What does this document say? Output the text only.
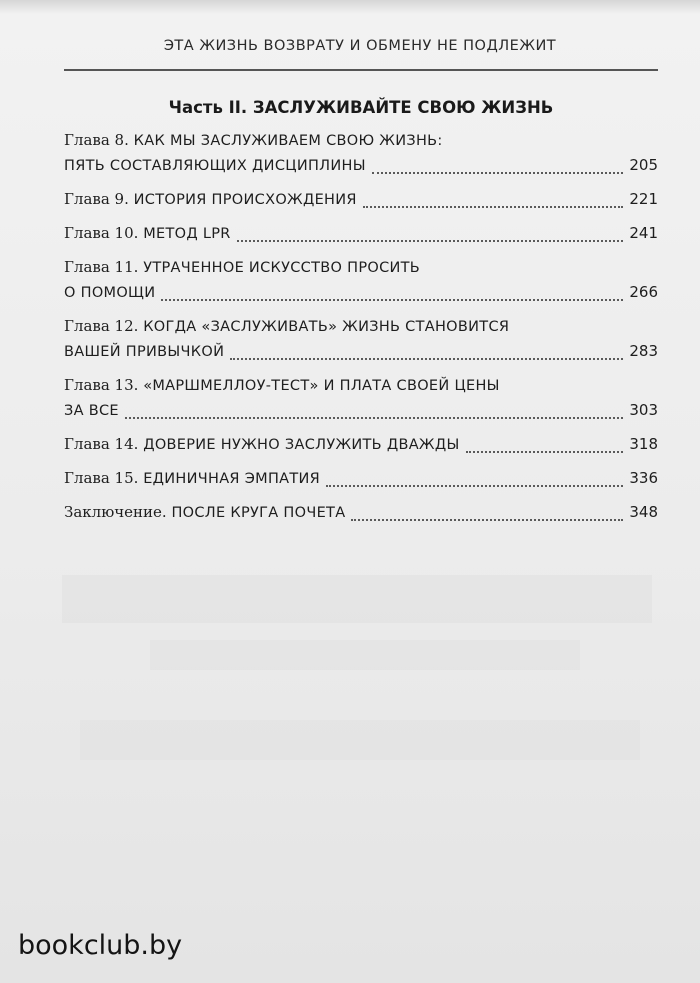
ЭТА ЖИЗНЬ ВОЗВРАТУ И ОБМЕНУ НЕ ПОДЛЕЖИТ
Часть II. ЗАСЛУЖИВАЙТЕ СВОЮ ЖИЗНЬ
Глава 8. КАК МЫ ЗАСЛУЖИВАЕМ СВОЮ ЖИЗНЬ:
ПЯТЬ СОСТАВЛЯЮЩИХ ДИСЦИПЛИНЫ	205
Глава 9. ИСТОРИЯ ПРОИСХОЖДЕНИЯ	221
Глава 10. МЕТОД LPR	241
Глава 11. УТРАЧЕННОЕ ИСКУССТВО ПРОСИТЬ
О ПОМОЩИ	266
Глава 12. КОГДА «ЗАСЛУЖИВАТЬ» ЖИЗНЬ СТАНОВИТСЯ
ВАШЕЙ ПРИВЫЧКОЙ	283
Глава 13. «МАРШМЕЛЛОУ-ТЕСТ» И ПЛАТА СВОЕЙ ЦЕНЫ
ЗА ВСЕ	303
Глава 14. ДОВЕРИЕ НУЖНО ЗАСЛУЖИТЬ ДВАЖДЫ	318
Глава 15. ЕДИНИЧНАЯ ЭМПАТИЯ	336
Заключение. ПОСЛЕ КРУГА ПОЧЕТА	348
bookclub.by
